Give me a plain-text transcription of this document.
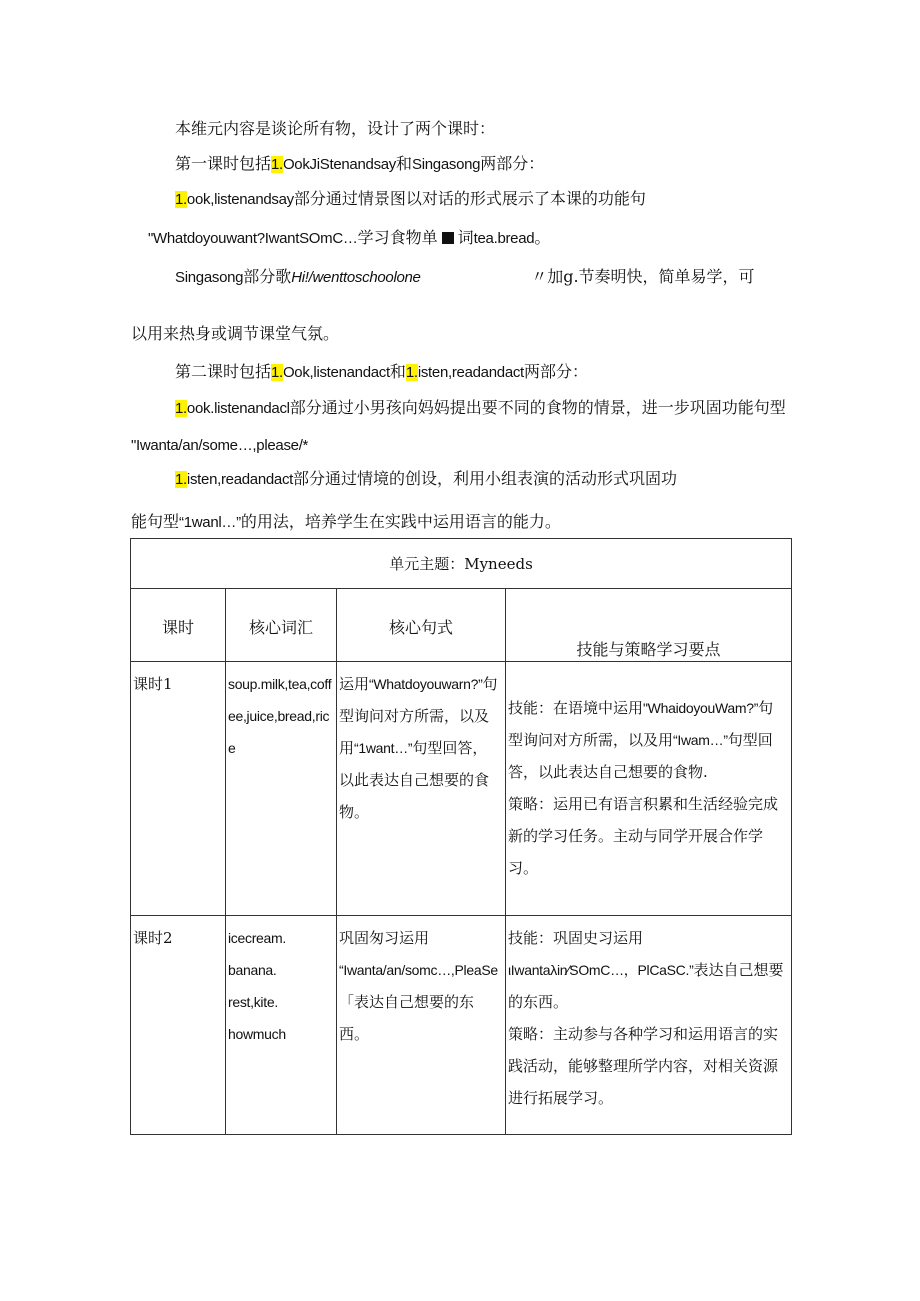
本维元内容是谈论所有物，设计了两个课时：
第一课时包括1.OokJiStenandsay和Singasong两部分：
1.ook,listenandsay部分通过情景图以对话的形式展示了本课的功能句
"Whatdoyouwant?IwantSOmC…学习食物单 词tea.bread。
Singasong部分歌Hi!/wenttoschoolone	〃加g.节奏明快，简单易学，可
以用来热身或调节课堂气氛。
第二课时包括1.Ook,listenandact和1.isten,readandact两部分：
1.ook.listenandacl部分通过小男孩向妈妈提出要不同的食物的情景，进一步巩固功能句型
"Iwanta/an/some…,please/*
1.isten,readandact部分通过情境的创设，利用小组表演的活动形式巩固功
能句型“1wanl…”的用法，培养学生在实践中运用语言的能力。
单元主题：Myneeds			

课时	核心词汇	核心句式	技能与策略学习要点

课时1	soup.milk,tea,coffee,juice,bread,rice	运用“Whatdoyouwarn?”句型询问对方所需，以及用“1want…”句型回答，以此表达自己想要的食物。	技能：在语境中运用"WhaidoyouWam?”句型询问对方所需，以及用“Iwam…”句型回答，以此表达自己想要的食物.
策略：运用已有语言积累和生活经验完成新的学习任务。主动与同学开展合作学习。

课时2	icecream.
banana.
rest,kite.
howmuch	巩固匆习运用
“Iwanta/an/somc…,PleaSe「表达自己想要的东西。	技能：巩固史习运用
ιIwantaλin∕SOmC…，PlCaSC.”表达自己想要的东西。
策略：主动参与各种学习和运用语言的实践活动，能够整理所学内容，对相关资源进行拓展学习。
